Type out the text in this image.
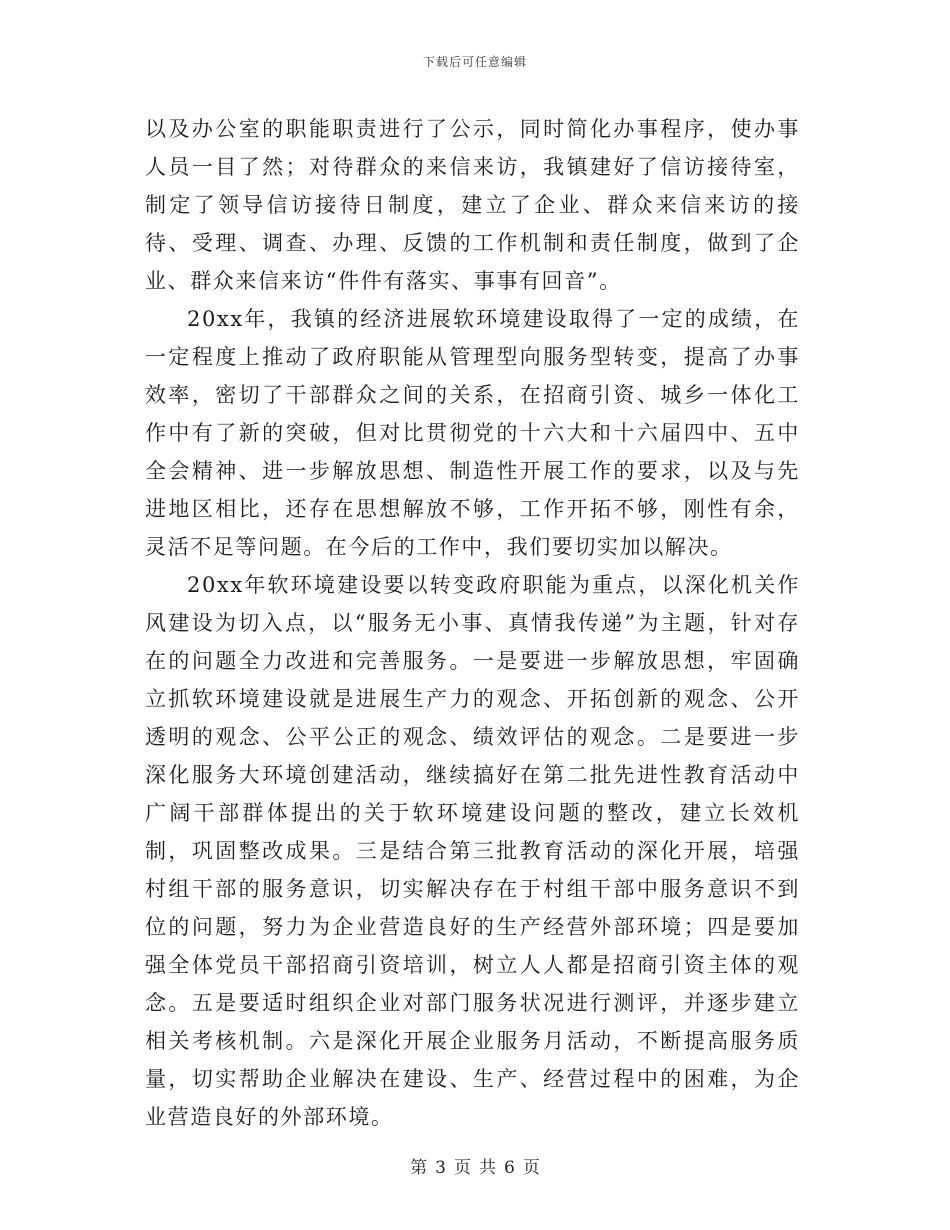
下载后可任意编辑

以及办公室的职能职责进行了公示，同时简化办事程序，使办事人员一目了然；对待群众的来信来访，我镇建好了信访接待室，制定了领导信访接待日制度，建立了企业、群众来信来访的接待、受理、调查、办理、反馈的工作机制和责任制度，做到了企业、群众来信来访“件件有落实、事事有回音”。

20xx年，我镇的经济进展软环境建设取得了一定的成绩，在一定程度上推动了政府职能从管理型向服务型转变，提高了办事效率，密切了干部群众之间的关系，在招商引资、城乡一体化工作中有了新的突破，但对比贯彻党的十六大和十六届四中、五中全会精神、进一步解放思想、制造性开展工作的要求，以及与先进地区相比，还存在思想解放不够，工作开拓不够，刚性有余，灵活不足等问题。在今后的工作中，我们要切实加以解决。

20xx年软环境建设要以转变政府职能为重点，以深化机关作风建设为切入点，以“服务无小事、真情我传递”为主题，针对存在的问题全力改进和完善服务。一是要进一步解放思想，牢固确立抓软环境建设就是进展生产力的观念、开拓创新的观念、公开透明的观念、公平公正的观念、绩效评估的观念。二是要进一步深化服务大环境创建活动，继续搞好在第二批先进性教育活动中广阔干部群体提出的关于软环境建设问题的整改，建立长效机制，巩固整改成果。三是结合第三批教育活动的深化开展，培强村组干部的服务意识，切实解决存在于村组干部中服务意识不到位的问题，努力为企业营造良好的生产经营外部环境；四是要加强全体党员干部招商引资培训，树立人人都是招商引资主体的观念。五是要适时组织企业对部门服务状况进行测评，并逐步建立相关考核机制。六是深化开展企业服务月活动，不断提高服务质量，切实帮助企业解决在建设、生产、经营过程中的困难，为企业营造良好的外部环境。

第 3 页 共 6 页
